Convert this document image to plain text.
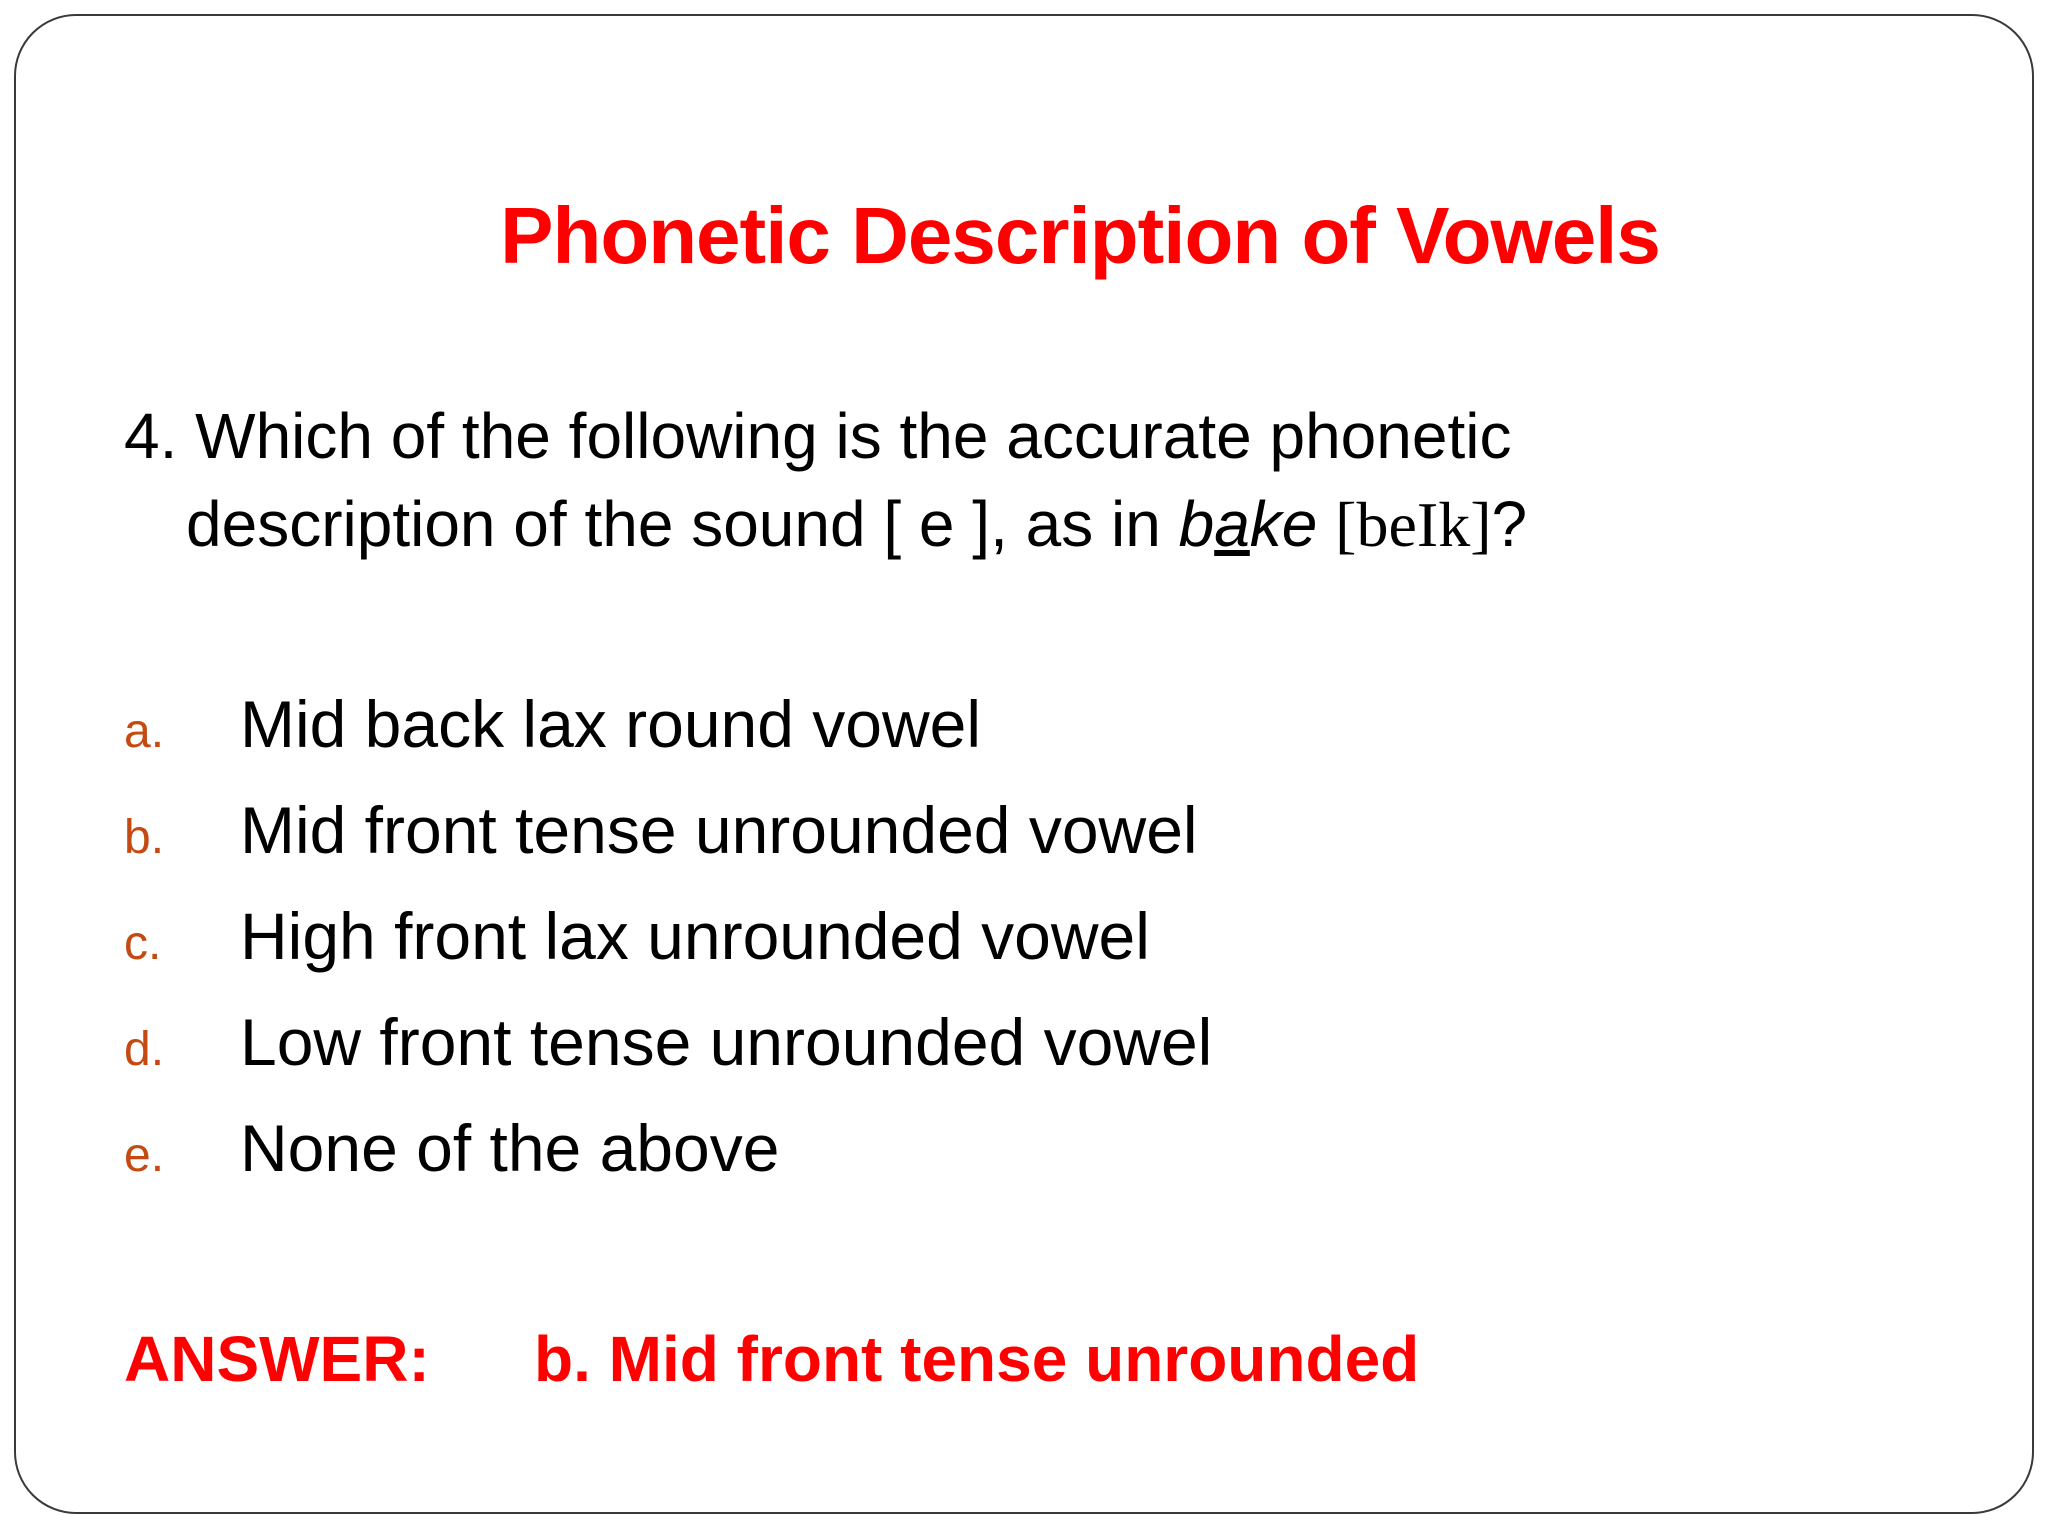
Phonetic Description of Vowels
4. Which of the following is the accurate phonetic
description of the sound [ e ], as in bake [beIk]?
a.	Mid back lax round vowel
b.	Mid front tense unrounded vowel
c.	High front lax unrounded vowel
d.	Low front tense unrounded vowel
e.	None of the above
ANSWER:	b. Mid front tense unrounded
